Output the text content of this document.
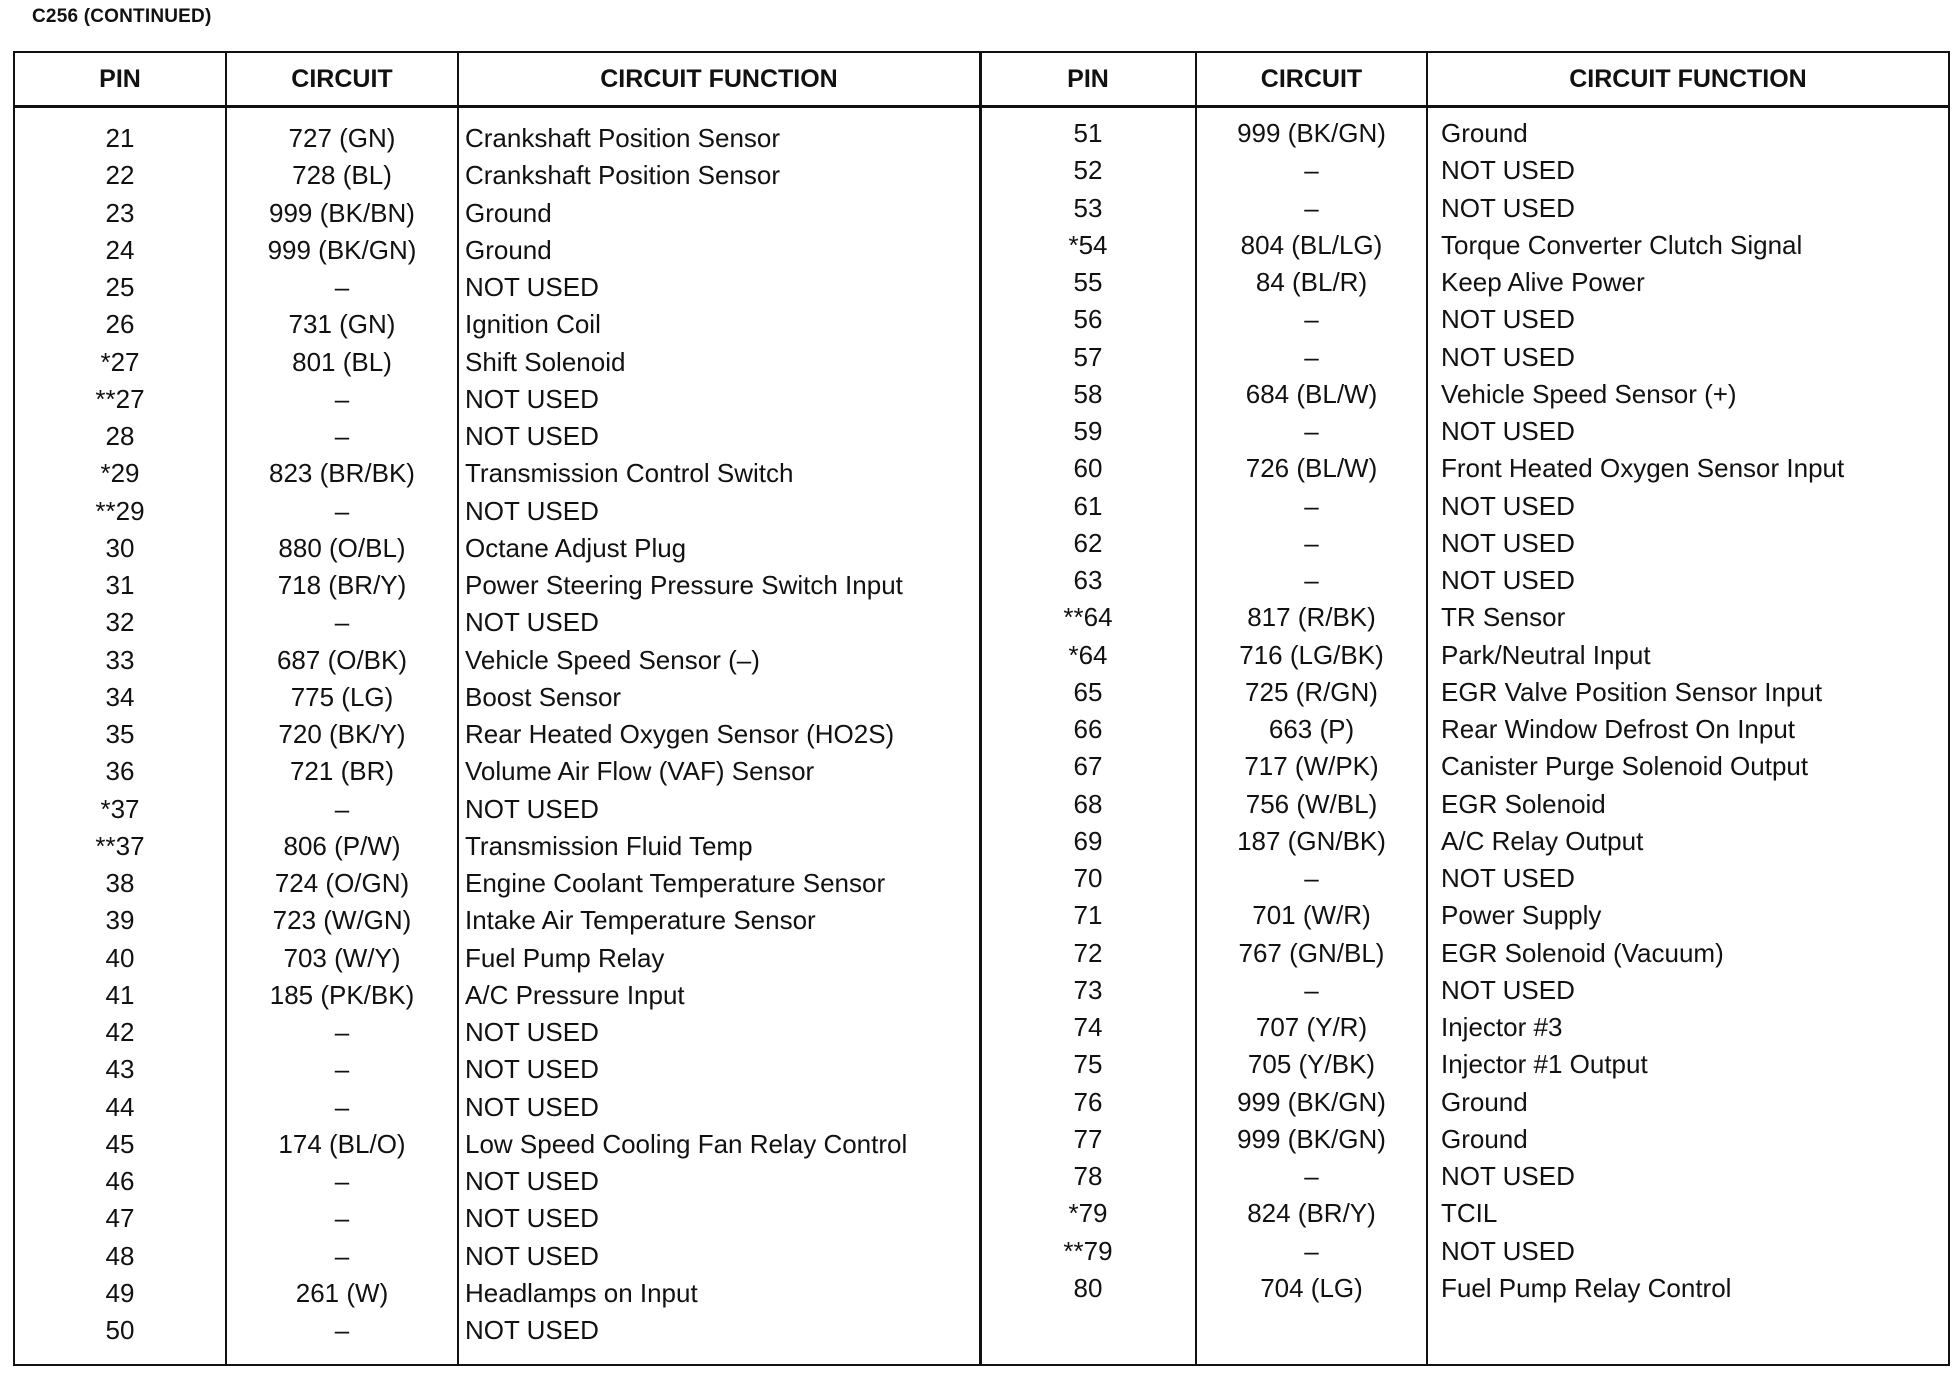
C256 (CONTINUED)
PIN	CIRCUIT	CIRCUIT FUNCTION
21	727 (GN)	Crankshaft Position Sensor
22	728 (BL)	Crankshaft Position Sensor
23	999 (BK/BN)	Ground
24	999 (BK/GN)	Ground
25	–	NOT USED
26	731 (GN)	Ignition Coil
*27	801 (BL)	Shift Solenoid
**27	–	NOT USED
28	–	NOT USED
*29	823 (BR/BK)	Transmission Control Switch
**29	–	NOT USED
30	880 (O/BL)	Octane Adjust Plug
31	718 (BR/Y)	Power Steering Pressure Switch Input
32	–	NOT USED
33	687 (O/BK)	Vehicle Speed Sensor (–)
34	775 (LG)	Boost Sensor
35	720 (BK/Y)	Rear Heated Oxygen Sensor (HO2S)
36	721 (BR)	Volume Air Flow (VAF) Sensor
*37	–	NOT USED
**37	806 (P/W)	Transmission Fluid Temp
38	724 (O/GN)	Engine Coolant Temperature Sensor
39	723 (W/GN)	Intake Air Temperature Sensor
40	703 (W/Y)	Fuel Pump Relay
41	185 (PK/BK)	A/C Pressure Input
42	–	NOT USED
43	–	NOT USED
44	–	NOT USED
45	174 (BL/O)	Low Speed Cooling Fan Relay Control
46	–	NOT USED
47	–	NOT USED
48	–	NOT USED
49	261 (W)	Headlamps on Input
50	–	NOT USED
PIN	CIRCUIT	CIRCUIT FUNCTION
51	999 (BK/GN)	Ground
52	–	NOT USED
53	–	NOT USED
*54	804 (BL/LG)	Torque Converter Clutch Signal
55	84 (BL/R)	Keep Alive Power
56	–	NOT USED
57	–	NOT USED
58	684 (BL/W)	Vehicle Speed Sensor (+)
59	–	NOT USED
60	726 (BL/W)	Front Heated Oxygen Sensor Input
61	–	NOT USED
62	–	NOT USED
63	–	NOT USED
**64	817 (R/BK)	TR Sensor
*64	716 (LG/BK)	Park/Neutral Input
65	725 (R/GN)	EGR Valve Position Sensor Input
66	663 (P)	Rear Window Defrost On Input
67	717 (W/PK)	Canister Purge Solenoid Output
68	756 (W/BL)	EGR Solenoid
69	187 (GN/BK)	A/C Relay Output
70	–	NOT USED
71	701 (W/R)	Power Supply
72	767 (GN/BL)	EGR Solenoid (Vacuum)
73	–	NOT USED
74	707 (Y/R)	Injector #3
75	705 (Y/BK)	Injector #1 Output
76	999 (BK/GN)	Ground
77	999 (BK/GN)	Ground
78	–	NOT USED
*79	824 (BR/Y)	TCIL
**79	–	NOT USED
80	704 (LG)	Fuel Pump Relay Control
